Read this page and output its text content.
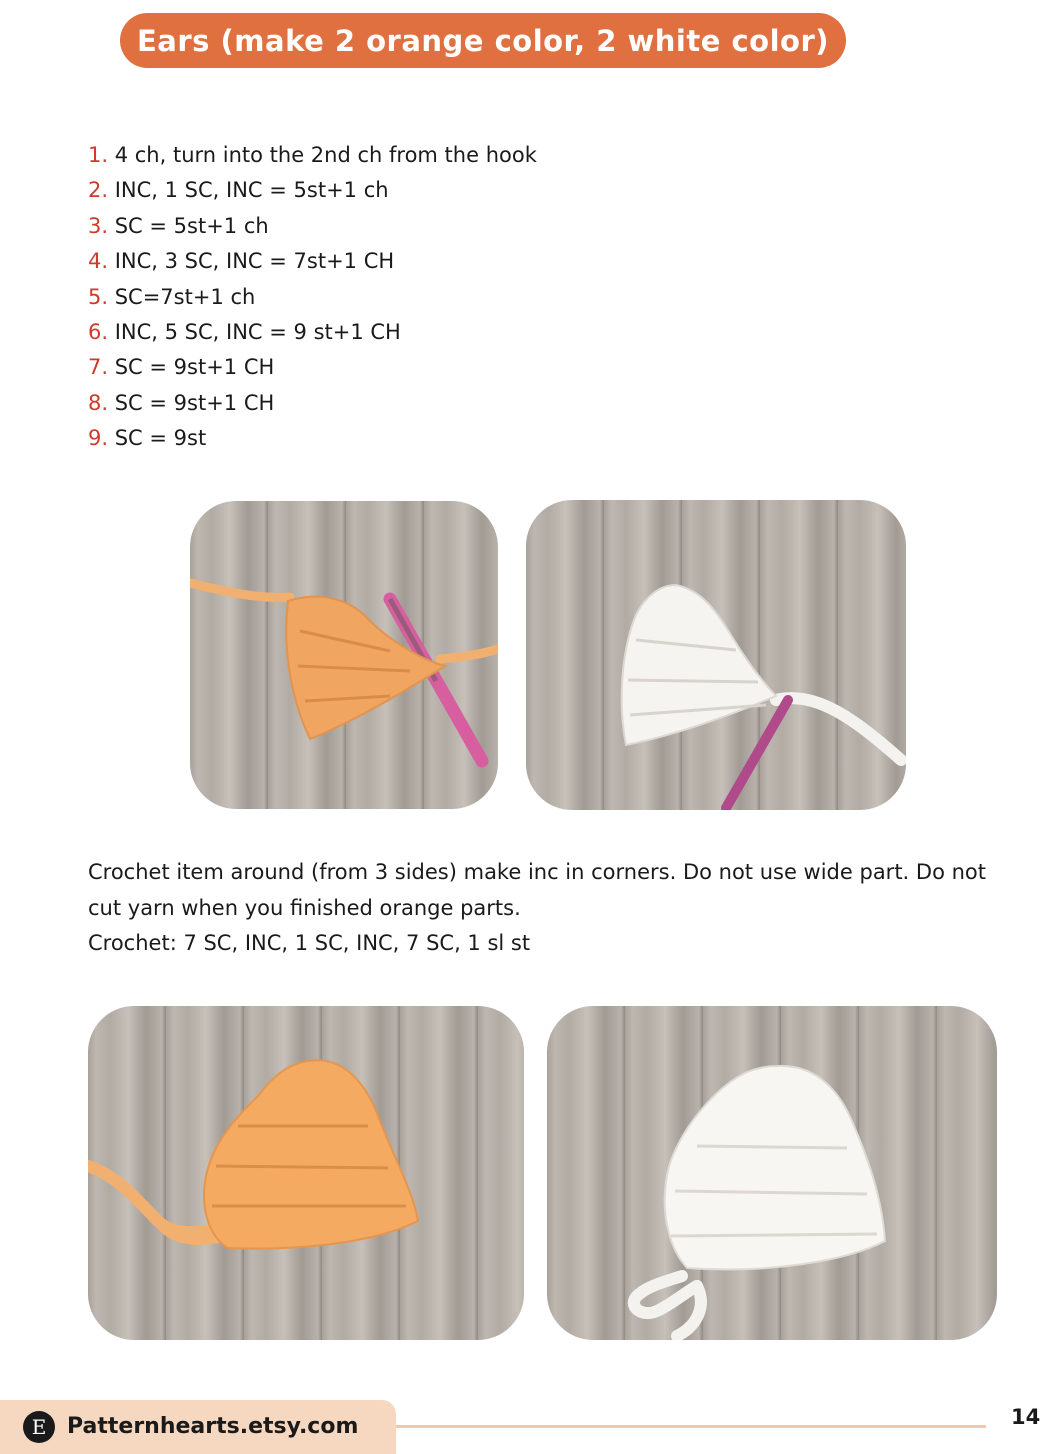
Ears (make 2 orange color, 2 white color)
1. 4 ch, turn into the 2nd ch from the hook
2. INC, 1 SC, INC = 5st+1 ch
3. SC = 5st+1 ch
4. INC, 3 SC, INC = 7st+1 CH
5. SC=7st+1 ch
6. INC, 5 SC, INC = 9 st+1 CH
7. SC = 9st+1 CH
8. SC = 9st+1 CH
9. SC = 9st

Crochet item around (from 3 sides) make inc in corners. Do not use wide part. Do not cut yarn when you finished orange parts.

Crochet: 7 SC, INC, 1 SC, INC, 7 SC, 1 sl st

E Patternhearts.etsy.com	14
